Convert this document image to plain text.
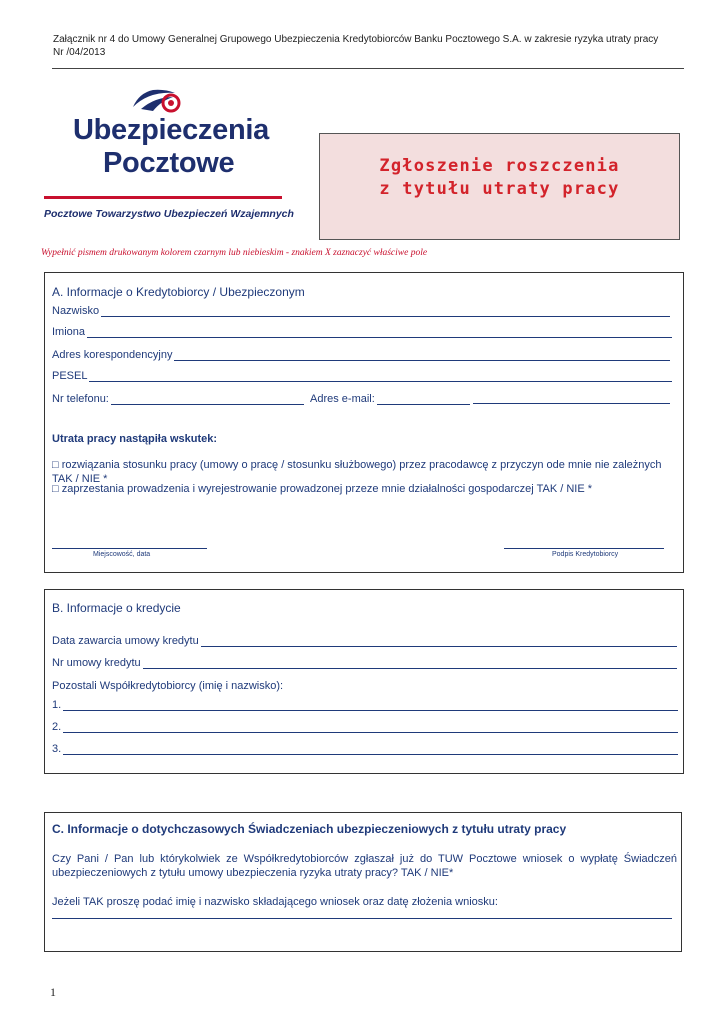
Załącznik nr 4 do Umowy Generalnej Grupowego Ubezpieczenia Kredytobiorców Banku Pocztowego S.A. w zakresie ryzyka utraty pracy
Nr /04/2013
Ubezpieczenia
Pocztowe
Pocztowe Towarzystwo Ubezpieczeń Wzajemnych
Zgłoszenie roszczenia
z tytułu utraty pracy
Wypełnić pismem drukowanym kolorem czarnym lub niebieskim - znakiem X zaznaczyć właściwe pole
A. Informacje o Kredytobiorcy / Ubezpieczonym
Nazwisko
Imiona
Adres korespondencyjny
PESEL
Nr telefonu:	Adres e-mail:
Utrata pracy nastąpiła wskutek:
□ rozwiązania stosunku pracy (umowy o pracę / stosunku służbowego) przez pracodawcę z przyczyn ode mnie nie zależnych TAK / NIE *
□ zaprzestania prowadzenia i wyrejestrowanie prowadzonej przeze mnie działalności gospodarczej TAK / NIE *
Miejscowość, data	Podpis Kredytobiorcy
B. Informacje o kredycie
Data zawarcia umowy kredytu
Nr umowy kredytu
Pozostali Współkredytobiorcy (imię i nazwisko):
1.
2.
3.
C. Informacje o dotychczasowych Świadczeniach ubezpieczeniowych z tytułu utraty pracy
Czy Pani / Pan lub którykolwiek ze Współkredytobiorców zgłaszał już do TUW Pocztowe wniosek o wypłatę Świadczeń ubezpieczeniowych z tytułu umowy ubezpieczenia ryzyka utraty pracy? TAK / NIE*
Jeżeli TAK proszę podać imię i nazwisko składającego wniosek oraz datę złożenia wniosku:
1
